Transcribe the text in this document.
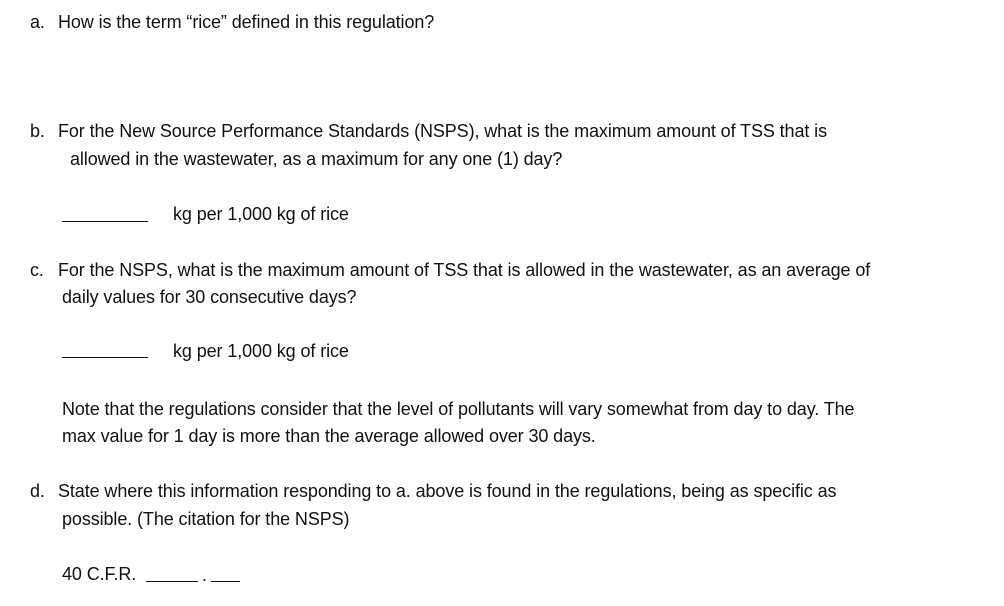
a. How is the term “rice” defined in this regulation?
b. For the New Source Performance Standards (NSPS), what is the maximum amount of TSS that is
allowed in the wastewater, as a maximum for any one (1) day?
kg per 1,000 kg of rice
c. For the NSPS, what is the maximum amount of TSS that is allowed in the wastewater, as an average of
daily values for 30 consecutive days?
kg per 1,000 kg of rice
Note that the regulations consider that the level of pollutants will vary somewhat from day to day. The
max value for 1 day is more than the average allowed over 30 days.
d. State where this information responding to a. above is found in the regulations, being as specific as
possible. (The citation for the NSPS)
40 C.F.R.	.
